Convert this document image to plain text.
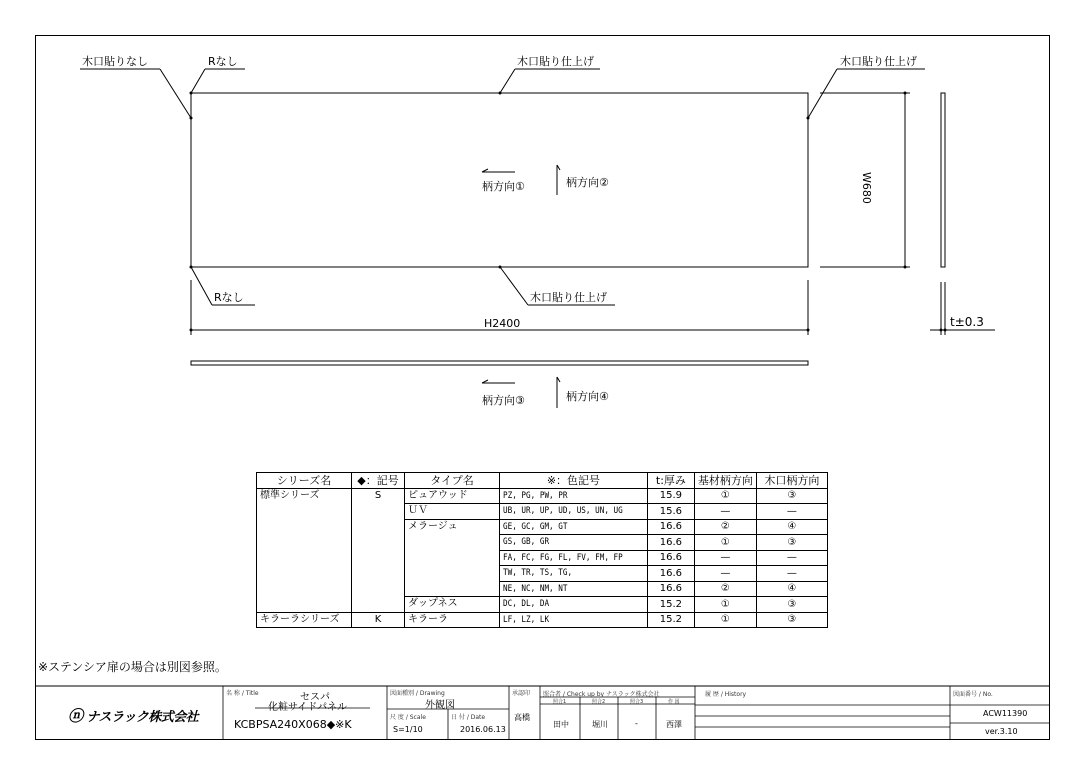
木口貼りなし	Rなし	木口貼り仕上げ	木口貼り仕上げ
Rなし	木口貼り仕上げ
H2400
W680
t±0.3
柄方向①	柄方向②
柄方向③	柄方向④
シリーズ名	◆：記号	タイプ名	※：色記号	t:厚み	基材柄方向	木口柄方向
標準シリーズ	S	ピュアウッド	PZ, PG, PW, PR	15.9	①	③
		ＵＶ	UB, UR, UP, UD, US, UN, UG	15.6	—	—
		メラージュ	GE, GC, GM, GT	16.6	②	④
			GS, GB, GR	16.6	①	③
			FA, FC, FG, FL, FV, FM, FP	16.6	—	—
			TW, TR, TS, TG,	16.6	—	—
			NE, NC, NM, NT	16.6	②	④
		ダップネス	DC, DL, DA	15.2	①	③
キラーラシリーズ	K	キラーラ	LF, LZ, LK	15.2	①	③
※ステンシア扉の場合は別図参照。
ⓝ ナスラック株式会社
名 称 / Title	セスパ
化粧サイドパネル
KCBPSA240X068◆※K
図面種別 / Drawing
外観図
尺 度 / Scale
S=1/10
日 付 / Date
2016.06.13
承認印
高橋
照合者 / Check up by ナスラック株式会社
照合1	照合2	照合3	作 図
田中	堀川	-	西澤
履 歴 / History	図面番号 / No.
ACW11390
ver.3.10
